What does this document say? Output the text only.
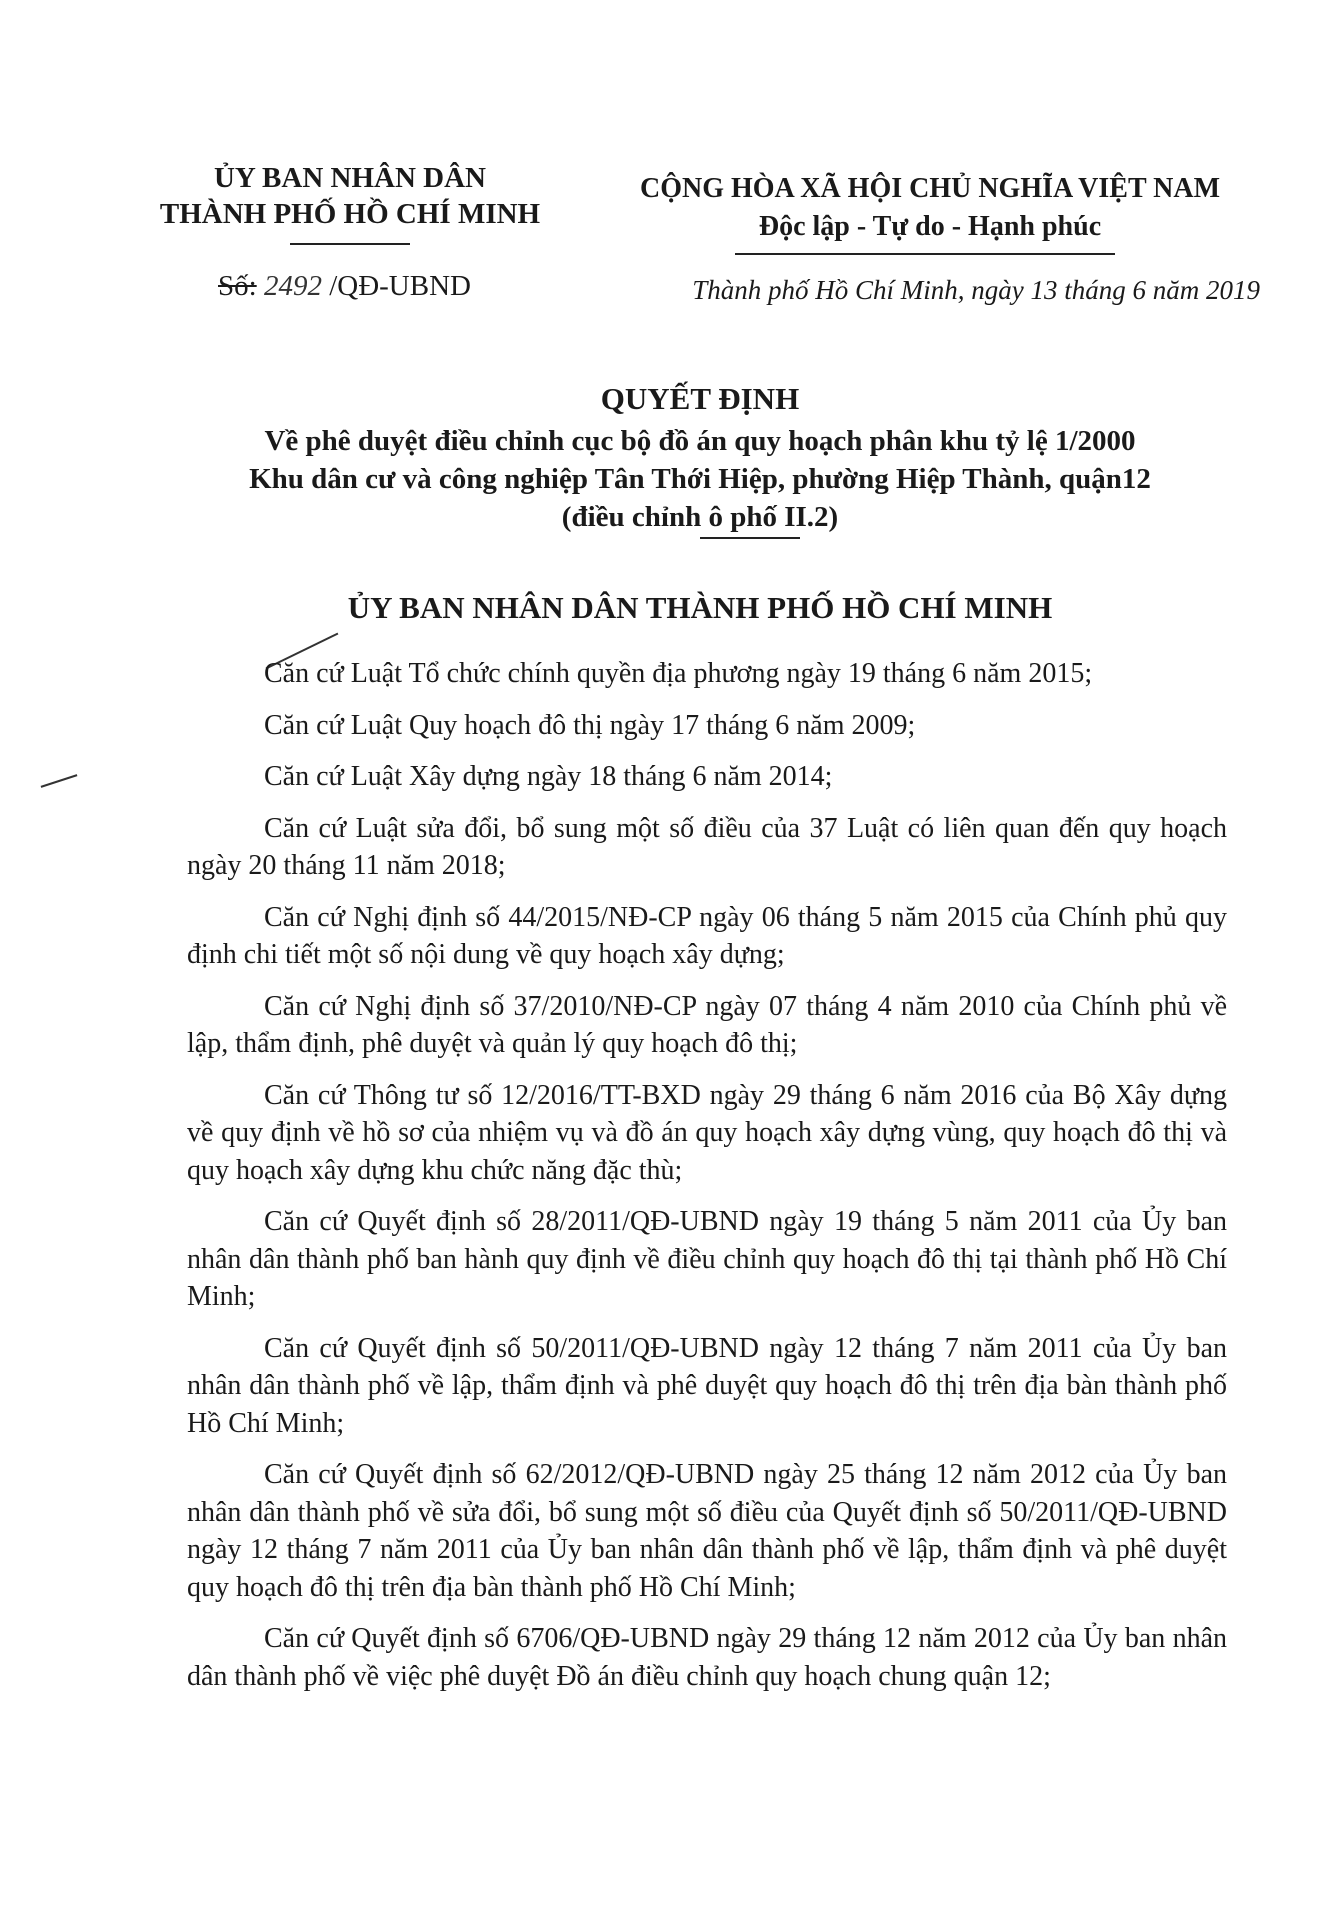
ỦY BAN NHÂN DÂN
THÀNH PHỐ HỒ CHÍ MINH
CỘNG HÒA XÃ HỘI CHỦ NGHĨA VIỆT NAM
Độc lập - Tự do - Hạnh phúc
Số: 2492 /QĐ-UBND	Thành phố Hồ Chí Minh, ngày 13 tháng 6 năm 2019
QUYẾT ĐỊNH
Về phê duyệt điều chỉnh cục bộ đồ án quy hoạch phân khu tỷ lệ 1/2000
Khu dân cư và công nghiệp Tân Thới Hiệp, phường Hiệp Thành, quận12
(điều chỉnh ô phố II.2)
ỦY BAN NHÂN DÂN THÀNH PHỐ HỒ CHÍ MINH

Căn cứ Luật Tổ chức chính quyền địa phương ngày 19 tháng 6 năm 2015;

Căn cứ Luật Quy hoạch đô thị ngày 17 tháng 6 năm 2009;

Căn cứ Luật Xây dựng ngày 18 tháng 6 năm 2014;

Căn cứ Luật sửa đổi, bổ sung một số điều của 37 Luật có liên quan đến quy hoạch ngày 20 tháng 11 năm 2018;

Căn cứ Nghị định số 44/2015/NĐ-CP ngày 06 tháng 5 năm 2015 của Chính phủ quy định chi tiết một số nội dung về quy hoạch xây dựng;

Căn cứ Nghị định số 37/2010/NĐ-CP ngày 07 tháng 4 năm 2010 của Chính phủ về lập, thẩm định, phê duyệt và quản lý quy hoạch đô thị;

Căn cứ Thông tư số 12/2016/TT-BXD ngày 29 tháng 6 năm 2016 của Bộ Xây dựng về quy định về hồ sơ của nhiệm vụ và đồ án quy hoạch xây dựng vùng, quy hoạch đô thị và quy hoạch xây dựng khu chức năng đặc thù;

Căn cứ Quyết định số 28/2011/QĐ-UBND ngày 19 tháng 5 năm 2011 của Ủy ban nhân dân thành phố ban hành quy định về điều chỉnh quy hoạch đô thị tại thành phố Hồ Chí Minh;

Căn cứ Quyết định số 50/2011/QĐ-UBND ngày 12 tháng 7 năm 2011 của Ủy ban nhân dân thành phố về lập, thẩm định và phê duyệt quy hoạch đô thị trên địa bàn thành phố Hồ Chí Minh;

Căn cứ Quyết định số 62/2012/QĐ-UBND ngày 25 tháng 12 năm 2012 của Ủy ban nhân dân thành phố về sửa đổi, bổ sung một số điều của Quyết định số 50/2011/QĐ-UBND ngày 12 tháng 7 năm 2011 của Ủy ban nhân dân thành phố về lập, thẩm định và phê duyệt quy hoạch đô thị trên địa bàn thành phố Hồ Chí Minh;

Căn cứ Quyết định số 6706/QĐ-UBND ngày 29 tháng 12 năm 2012 của Ủy ban nhân dân thành phố về việc phê duyệt Đồ án điều chỉnh quy hoạch chung quận 12;
